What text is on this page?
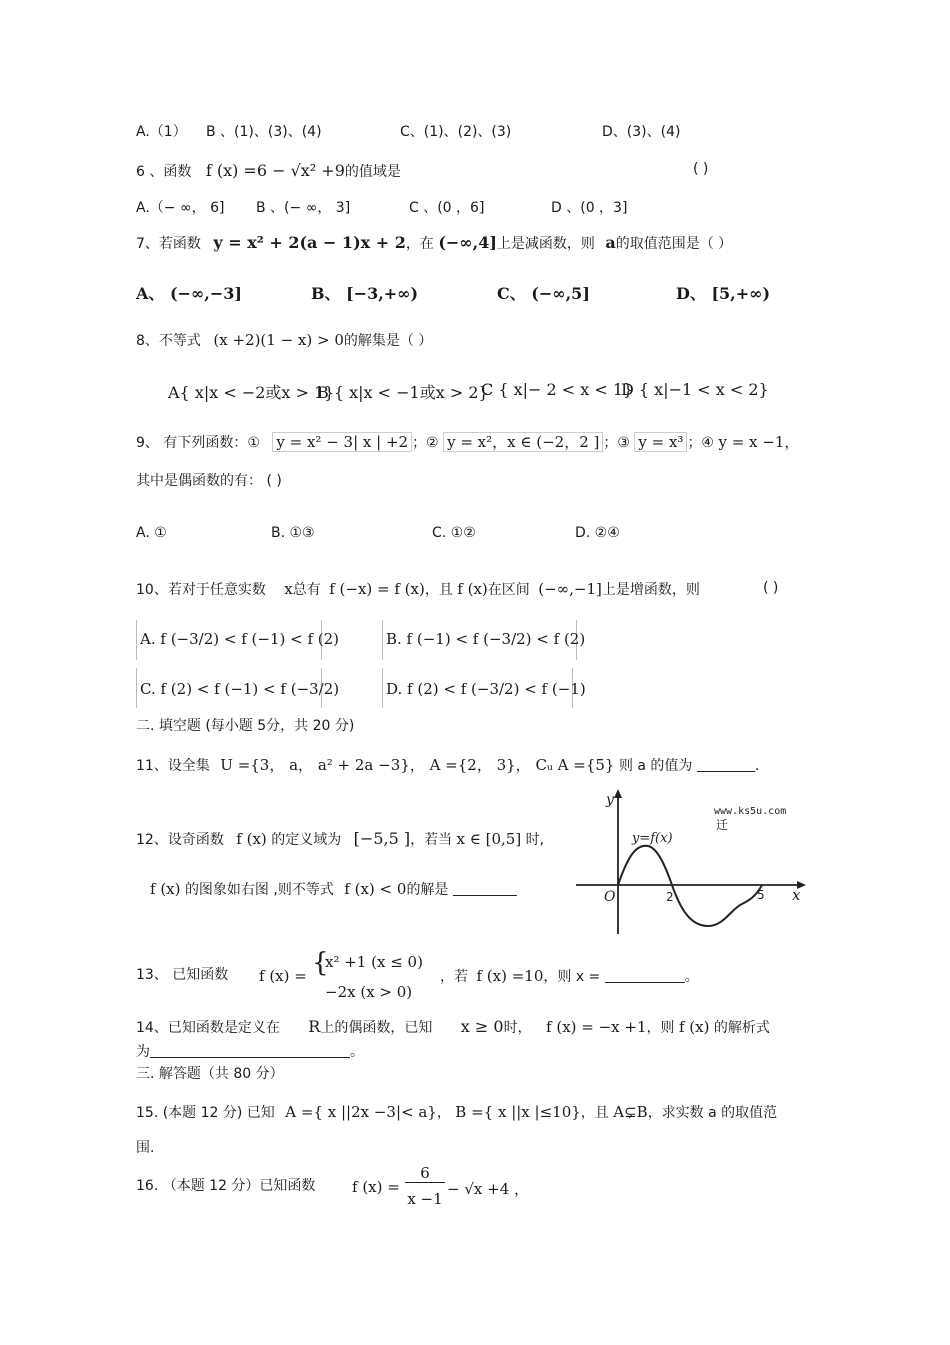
A.（1） B 、(1)、(3)、(4)	C、(1)、(2)、(3)	D、(3)、(4)
6 、函数 f (x) =6 − √x² +9的值域是	( )
A.（− ∞， 6] B 、(− ∞， 3]	C 、(0 ，6]	D 、(0 ，3]
7、若函数 y = x² + 2(a − 1)x + 2，在 (−∞,4]上是减函数，则 a的取值范围是（ ）
A、 (−∞,−3]	B、 [−3,+∞)	C、 (−∞,5]	D、 [5,+∞)
8、不等式 (x +2)(1 − x) > 0的解集是（ ）
A{ x|x < −2或x > 1}
B { x|x < −1或x > 2}
C { x|− 2 < x < 1}
D { x|−1 < x < 2}
9、 有下列函数：① y = x² − 3| x | +2 ；② y = x²，x ∈ (−2，2 ] ；③ y = x³ ；④ y = x −1，
其中是偶函数的有： ( )
A. ①	B. ①③	C. ①②	D. ②④
10、若对于任意实数 x总有 f (−x) = f (x)，且 f (x)在区间 (−∞,−1]上是增函数，则	( )
A. f (−3/2) < f (−1) < f (2)	B. f (−1) < f (−3/2) < f (2)
C. f (2) < f (−1) < f (−3/2)	D. f (2) < f (−3/2) < f (−1)
二. 填空题 (每小题 5分，共 20 分)
11、设全集 U ={3， a， a² + 2a −3}， A ={2， 3}， Cᵤ A ={5} 则 a 的值为	.
12、设奇函数 f (x) 的定义域为 [−5,5 ]，若当 x ∈ [0,5] 时,
f (x) 的图象如右图 ,则不等式 f (x) < 0的解是
y
x
O	2	5
y=f(x)
www.ks5u.com
迁
13、 已知函数 f (x) = {
x² +1 (x ≤ 0)
−2x (x > 0)
，若 f (x) =10，则 x =	。
14、已知函数是定义在 R上的偶函数，已知 x ≥ 0时， f (x) = −x +1，则 f (x) 的解析式
为	。
三. 解答题（共 80 分）
15. (本题 12 分) 已知 A ={ x ||2x −3|< a}， B ={ x ||x |≤10}，且 A⊊B，求实数 a 的取值范
围.
16. （本题 12 分）已知函数 f (x) =
6
x −1
− √x +4 ，
